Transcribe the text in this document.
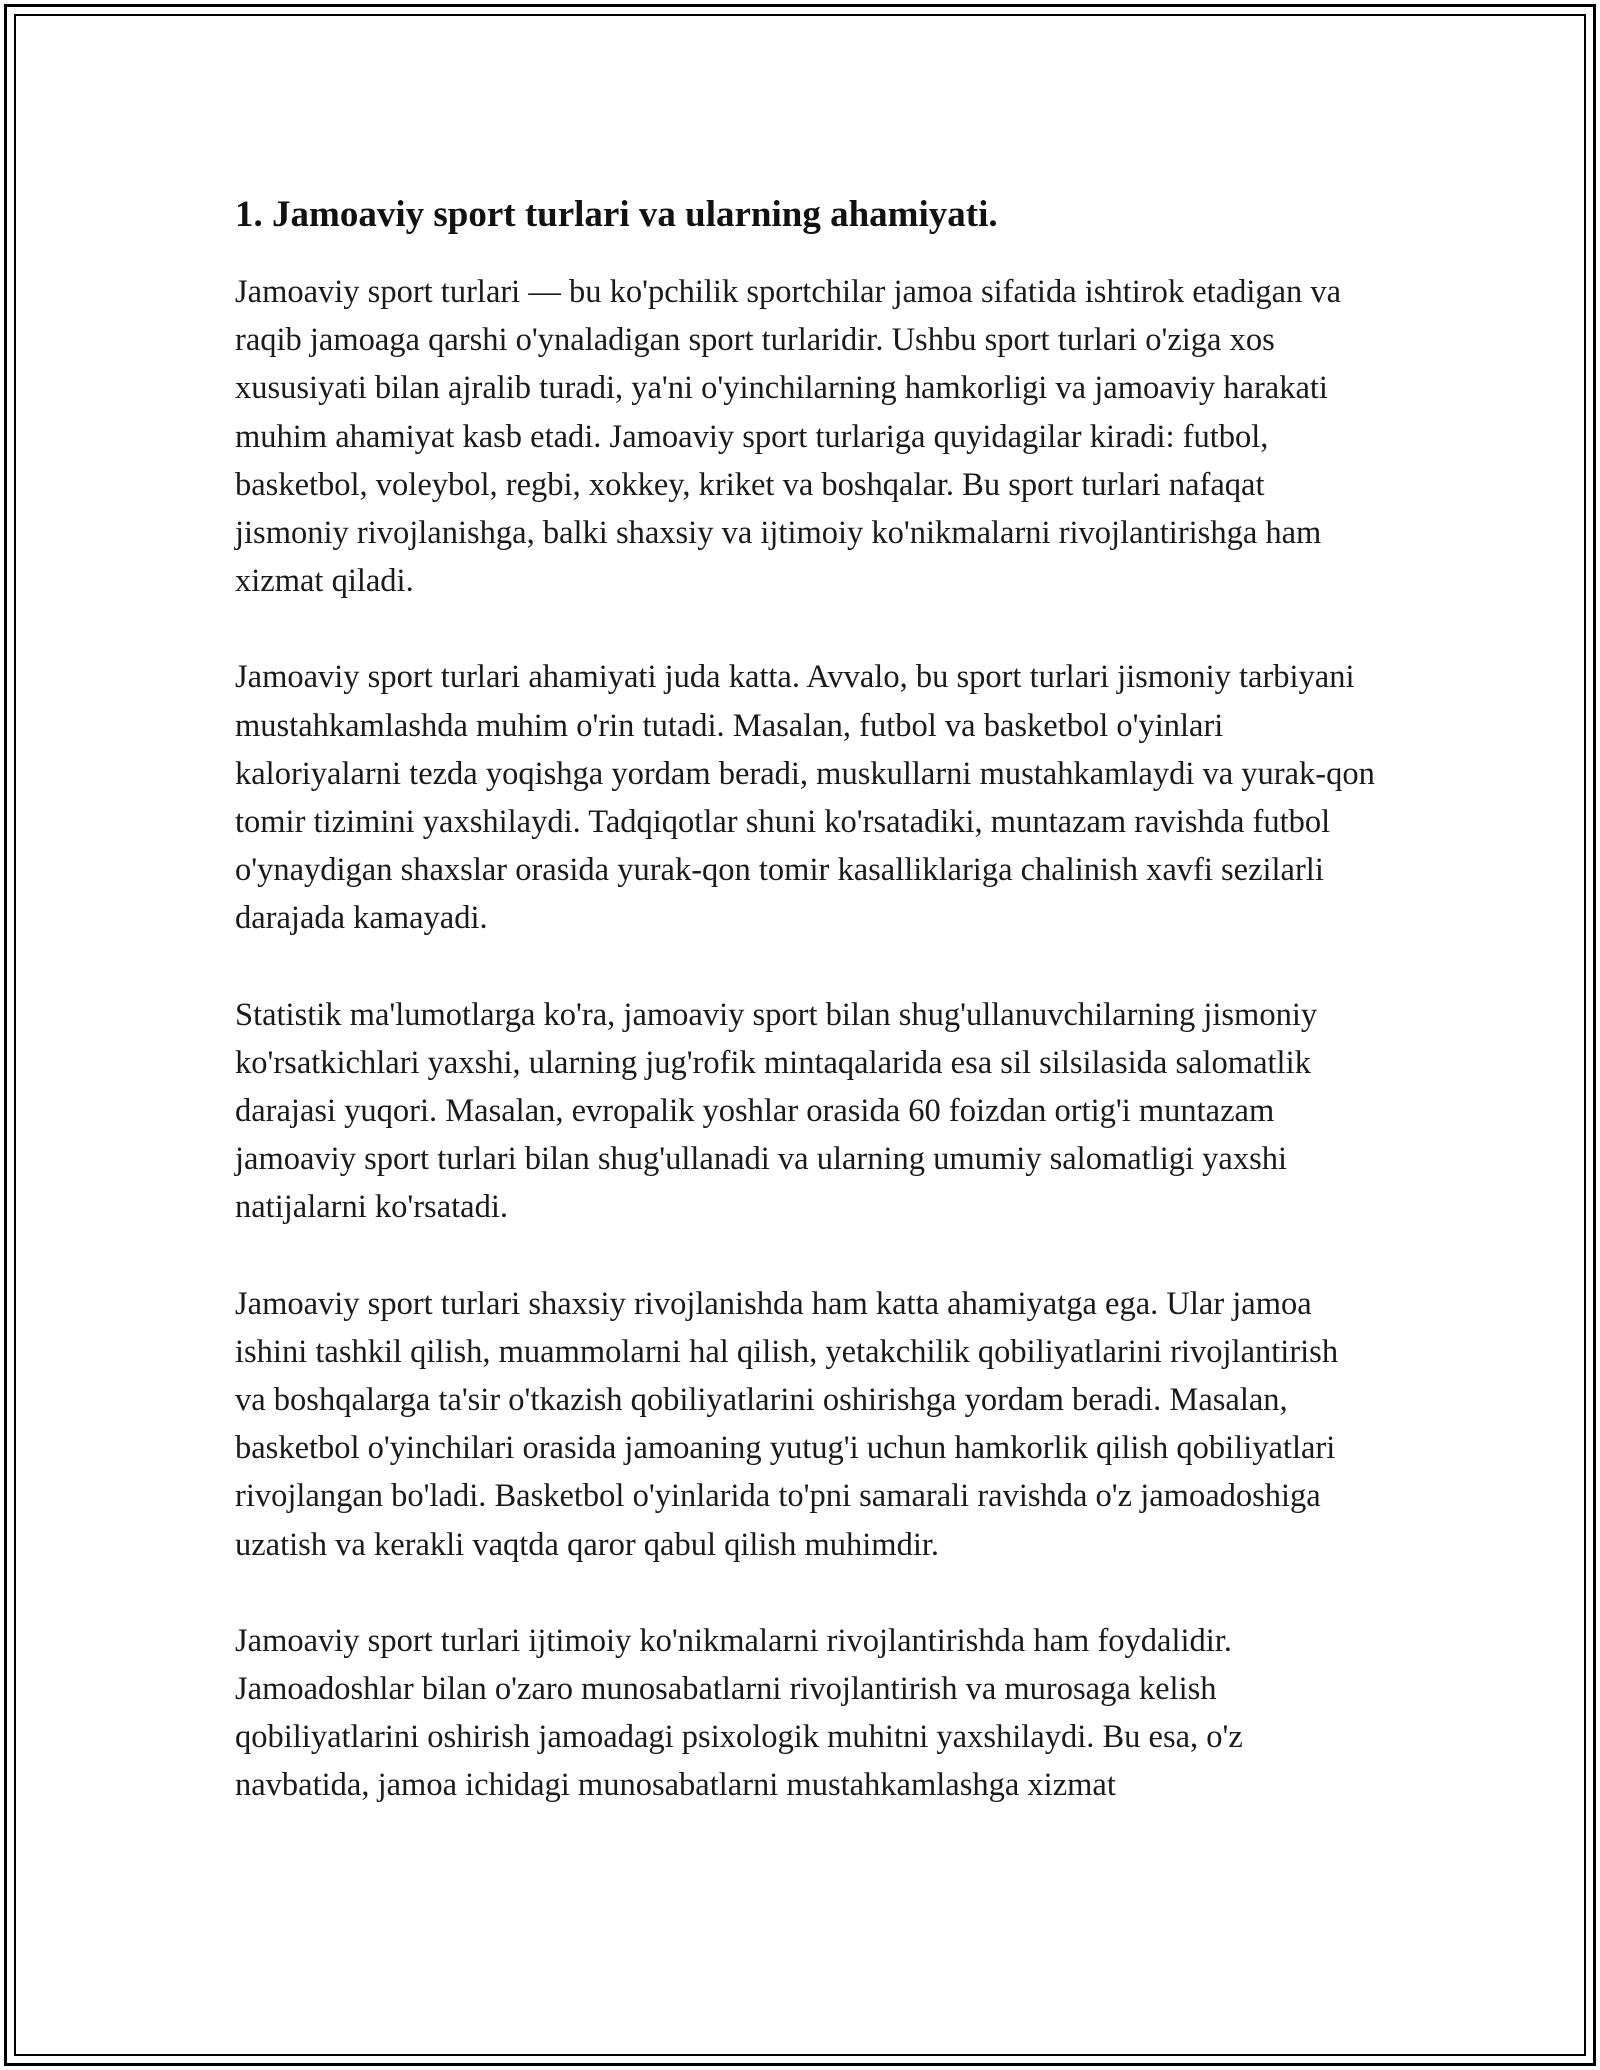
1. Jamoaviy sport turlari va ularning ahamiyati.

Jamoaviy sport turlari — bu ko'pchilik sportchilar jamoa sifatida ishtirok etadigan va raqib jamoaga qarshi o'ynaladigan sport turlaridir. Ushbu sport turlari o'ziga xos xususiyati bilan ajralib turadi, ya'ni o'yinchilarning hamkorligi va jamoaviy harakati muhim ahamiyat kasb etadi. Jamoaviy sport turlariga quyidagilar kiradi: futbol, basketbol, voleybol, regbi, xokkey, kriket va boshqalar. Bu sport turlari nafaqat jismoniy rivojlanishga, balki shaxsiy va ijtimoiy ko'nikmalarni rivojlantirishga ham xizmat qiladi.

Jamoaviy sport turlari ahamiyati juda katta. Avvalo, bu sport turlari jismoniy tarbiyani mustahkamlashda muhim o'rin tutadi. Masalan, futbol va basketbol o'yinlari kaloriyalarni tezda yoqishga yordam beradi, muskullarni mustahkamlaydi va yurak-qon tomir tizimini yaxshilaydi. Tadqiqotlar shuni ko'rsatadiki, muntazam ravishda futbol o'ynaydigan shaxslar orasida yurak-qon tomir kasalliklariga chalinish xavfi sezilarli darajada kamayadi.

Statistik ma'lumotlarga ko'ra, jamoaviy sport bilan shug'ullanuvchilarning jismoniy ko'rsatkichlari yaxshi, ularning jug'rofik mintaqalarida esa sil silsilasida salomatlik darajasi yuqori. Masalan, evropalik yoshlar orasida 60 foizdan ortig'i muntazam jamoaviy sport turlari bilan shug'ullanadi va ularning umumiy salomatligi yaxshi natijalarni ko'rsatadi.

Jamoaviy sport turlari shaxsiy rivojlanishda ham katta ahamiyatga ega. Ular jamoa ishini tashkil qilish, muammolarni hal qilish, yetakchilik qobiliyatlarini rivojlantirish va boshqalarga ta'sir o'tkazish qobiliyatlarini oshirishga yordam beradi. Masalan, basketbol o'yinchilari orasida jamoaning yutug'i uchun hamkorlik qilish qobiliyatlari rivojlangan bo'ladi. Basketbol o'yinlarida to'pni samarali ravishda o'z jamoadoshiga uzatish va kerakli vaqtda qaror qabul qilish muhimdir.

Jamoaviy sport turlari ijtimoiy ko'nikmalarni rivojlantirishda ham foydalidir. Jamoadoshlar bilan o'zaro munosabatlarni rivojlantirish va murosaga kelish qobiliyatlarini oshirish jamoadagi psixologik muhitni yaxshilaydi. Bu esa, o'z navbatida, jamoa ichidagi munosabatlarni mustahkamlashga xizmat
